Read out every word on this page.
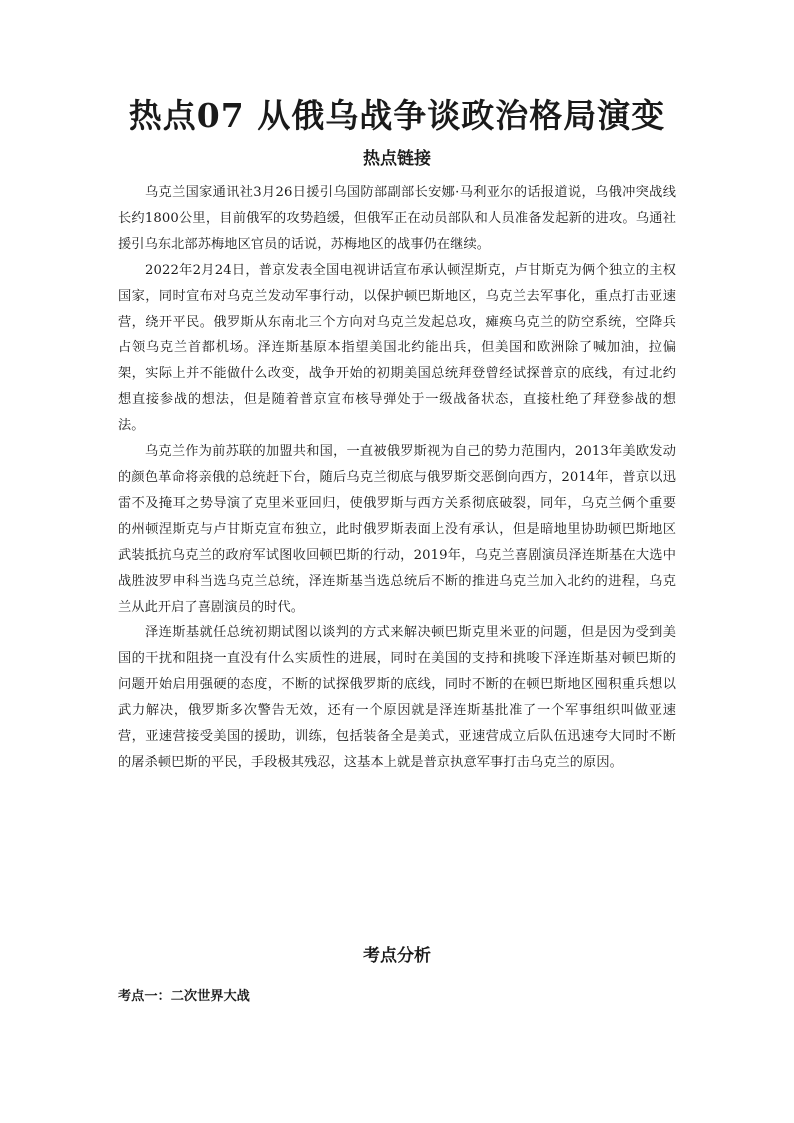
热点07 从俄乌战争谈政治格局演变
热点链接

乌克兰国家通讯社3月26日援引乌国防部副部长安娜·马利亚尔的话报道说，乌俄冲突战线长约1800公里，目前俄军的攻势趋缓，但俄军正在动员部队和人员准备发起新的进攻。乌通社援引乌东北部苏梅地区官员的话说，苏梅地区的战事仍在继续。

2022年2月24日，普京发表全国电视讲话宣布承认顿涅斯克，卢甘斯克为俩个独立的主权国家，同时宣布对乌克兰发动军事行动，以保护顿巴斯地区，乌克兰去军事化，重点打击亚速营，绕开平民。俄罗斯从东南北三个方向对乌克兰发起总攻，瘫痪乌克兰的防空系统，空降兵占领乌克兰首都机场。泽连斯基原本指望美国北约能出兵，但美国和欧洲除了喊加油，拉偏架，实际上并不能做什么改变，战争开始的初期美国总统拜登曾经试探普京的底线，有过北约想直接参战的想法，但是随着普京宣布核导弹处于一级战备状态，直接杜绝了拜登参战的想法。

乌克兰作为前苏联的加盟共和国，一直被俄罗斯视为自己的势力范围内，2013年美欧发动的颜色革命将亲俄的总统赶下台，随后乌克兰彻底与俄罗斯交恶倒向西方，2014年，普京以迅雷不及掩耳之势导演了克里米亚回归，使俄罗斯与西方关系彻底破裂，同年，乌克兰俩个重要的州顿涅斯克与卢甘斯克宣布独立，此时俄罗斯表面上没有承认，但是暗地里协助顿巴斯地区武装抵抗乌克兰的政府军试图收回顿巴斯的行动，2019年，乌克兰喜剧演员泽连斯基在大选中战胜波罗申科当选乌克兰总统，泽连斯基当选总统后不断的推进乌克兰加入北约的进程，乌克兰从此开启了喜剧演员的时代。

泽连斯基就任总统初期试图以谈判的方式来解决顿巴斯克里米亚的问题，但是因为受到美国的干扰和阻挠一直没有什么实质性的进展，同时在美国的支持和挑唆下泽连斯基对顿巴斯的问题开始启用强硬的态度，不断的试探俄罗斯的底线，同时不断的在顿巴斯地区囤积重兵想以武力解决，俄罗斯多次警告无效，还有一个原因就是泽连斯基批准了一个军事组织叫做亚速营，亚速营接受美国的援助，训练，包括装备全是美式，亚速营成立后队伍迅速夸大同时不断的屠杀顿巴斯的平民，手段极其残忍，这基本上就是普京执意军事打击乌克兰的原因。

考点分析

考点一：二次世界大战
